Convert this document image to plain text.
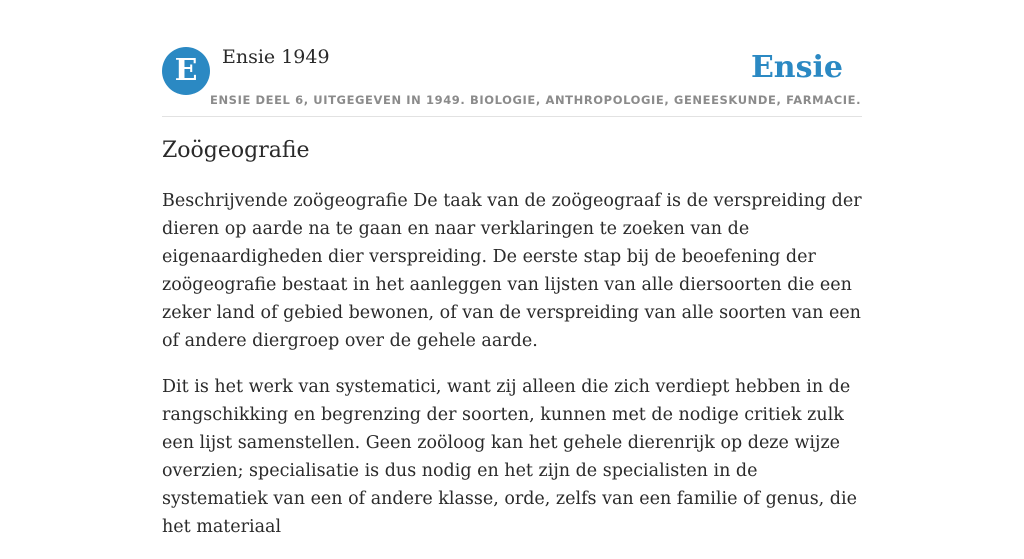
E	Ensie 1949	Ensie
ENSIE DEEL 6, UITGEGEVEN IN 1949. BIOLOGIE, ANTHROPOLOGIE, GENEESKUNDE, FARMACIE.
Zoögeografie

Beschrijvende zoögeografie De taak van de zoögeograaf is de verspreiding der dieren op aarde na te gaan en naar verklaringen te zoeken van de eigenaardigheden dier verspreiding. De eerste stap bij de beoefening der zoögeografie bestaat in het aanleggen van lijsten van alle diersoorten die een zeker land of gebied bewonen, of van de verspreiding van alle soorten van een of andere diergroep over de gehele aarde.

Dit is het werk van systematici, want zij alleen die zich verdiept hebben in de rangschikking en begrenzing der soorten, kunnen met de nodige critiek zulk een lijst samenstellen. Geen zoöloog kan het gehele dierenrijk op deze wijze overzien; specialisatie is dus nodig en het zijn de specialisten in de systematiek van een of andere klasse, orde, zelfs van een familie of genus, die het materiaal
